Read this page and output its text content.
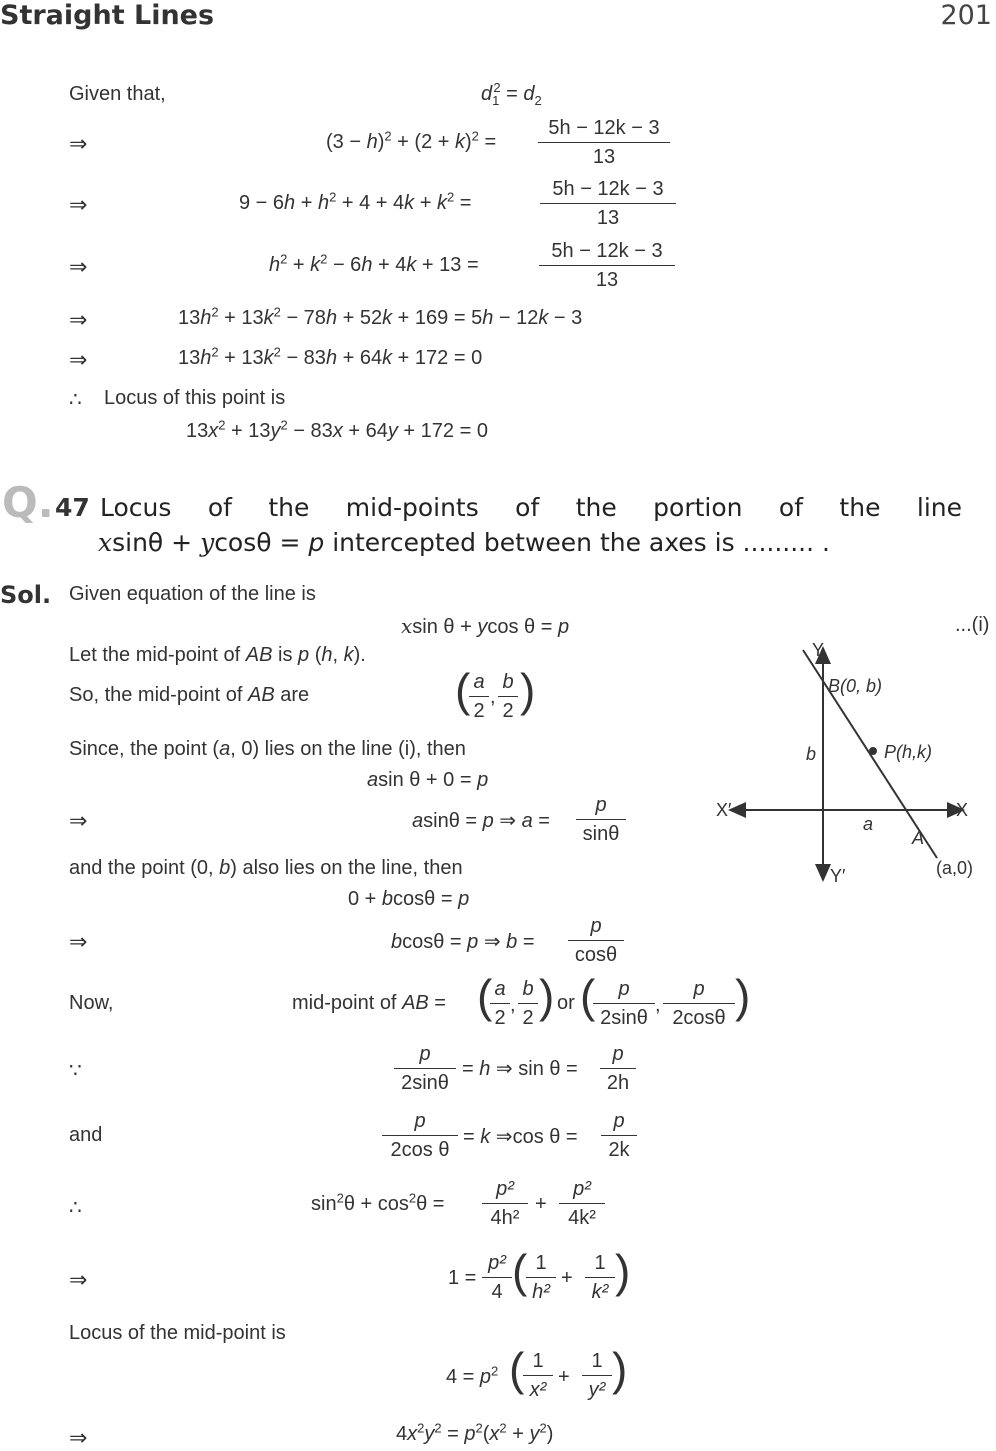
Straight Lines	201
Given that,	$d_1^2 = d_2$
⇒	$(3 - h)^2 + (2 + k)^2 = \frac{5h - 12k - 3}{13}$
⇒	$9 - 6h + h^2 + 4 + 4k + k^2$ =	$\frac{5h - 12k - 3}{13}$
⇒	$h^2 + k^2 - 6h + 4k + 13$ =	$\frac{5h - 12k - 3}{13}$
⇒	$13h^2 + 13k^2 - 78h + 52k + 169 = 5h - 12k - 3$
⇒	$13h^2 + 13k^2 - 83h + 64k + 172 = 0$
∴ Locus of this point is
$13x^2 + 13y^2 - 83x + 64y + 172 = 0$
Q. 47 Locus of the mid-points of the portion of the line
xsinθ + ycosθ = p intercepted between the axes is ......... .
Sol. Given equation of the line is
xsin θ + ycos θ = p	...(i)
Let the mid-point of AB is p (h, k).
So, the mid-point of AB are	(
$\frac{a}{2}$ , $\frac{b}{2}$ )
Since, the point (a, 0) lies on the line (i), then
asin θ + 0 = p
⇒	asinθ = p ⇒ $a = \frac{p}{\sin\theta}$
and the point (0, b) also lies on the line, then
0 + bcosθ = p
⇒	bcosθ = p ⇒ $b = \frac{p}{\cos\theta}$
Now,	mid-point of AB = (
$\frac{a}{2}$ , $\frac{b}{2}$ ) or (
$\frac{p}{2\sin\theta}$ , $\frac{p}{2\cos\theta}$ )
∵	$\frac{p}{2\sin\theta} = h$ ⇒ $\sin \theta = \frac{p}{2h}$
and	$\frac{p}{\text{2cos θ}} = k$ ⇒cos $\theta = \frac{p}{2k}$
∴	$\sin^2\theta + \cos^2\theta = \frac{\text{p²}}{\text{4h²}} + \frac{\text{p²}}{\text{4k²}}$
⇒	$1 = \frac{\text{p²}}{4}$ (
$\frac{1}{\text{h²}} + \frac{1}{\text{k²}}$ )
Locus of the mid-point is
$4 = p^2$ (
$\frac{1}{\text{x²}} + \frac{1}{\text{y²}}$ )
⇒	$4x^2y^2 = p^2(x^2 + y^2)$
Y
B(0, b)
b	P(h,k)
X′	X
a
A
Y′	(a,0)
